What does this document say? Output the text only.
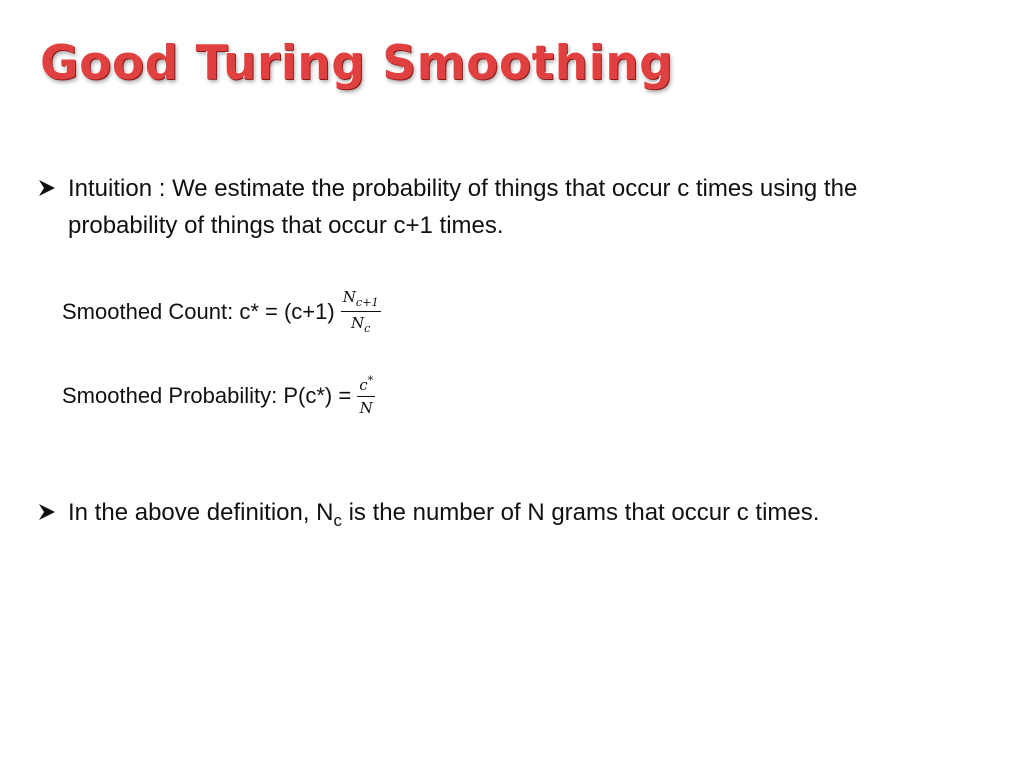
Good Turing Smoothing
Intuition : We estimate the probability of things that occur c times using the probability of things that occur c+1 times.
Smoothed Count: $c* = (c+1) \frac{N_{c+1}}{N_c}$
Smoothed Probability: $P(c*) = \frac{c^*}{N}$
In the above definition, $N_c$ is the number of N grams that occur c times.
